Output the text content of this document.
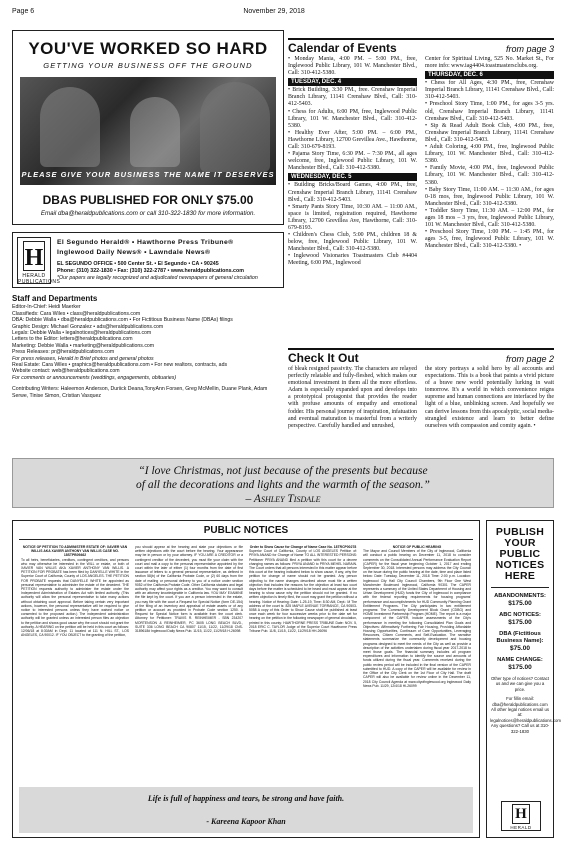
Page 6	November 29, 2018
YOU'VE WORKED SO HARD
GETTING YOUR BUSINESS OFF THE GROUND
PLEASE GIVE YOUR BUSINESS THE NAME IT DESERVES
DBAS PUBLISHED FOR ONLY $75.00
Email dba@heraldpublications.com or call 310-322-1830 for more information.
H
HERALD PUBLICATIONS
El Segundo Herald® • Hawthorne Press Tribune®
Inglewood Daily News® • Lawndale News®
EL SEGUNDO OFFICE • 500 Center St. • El Segundo • CA • 90245
Phone: (310) 322-1830 • Fax: (310) 322-2787 • www.heraldpublications.com
*Our papers are legally recognized and adjudicated newspapers of general circulation
Staff and Departments
Editor-In-Chief: Heidi Maerker
Classifieds: Cara Wiles • class@heraldpublications.com
DBA: Debbie Walla • dba@heraldpublications.com • For Fictitious Business Name (DBAs) filings
Graphic Design: Michael Gonzalez • ads@heraldpublications.com
Legals: Debbie Walla • legalnotices@heraldpublications.com
Letters to the Editor: letters@heraldpublications.com
Marketing: Debbie Walla • marketing@heraldpublications.com
Press Releases: pr@heraldpublications.com
For press releases, Herald in Brief photos and general photos
Real Estate: Cara Wiles • graphics@heraldpublications.com • For new realtors, contracts, ads
Website contact: web@heraldpublications.com
For comments or announcements (weddings, engagements, obituaries)
Contributing Writers: Haleemon Anderson, Duriick Deana,TonyAnn Forsen, Greg McMellin, Duane Plank, Adam Serwe, Tinise Simon, Cristian Vasquez
Calendar of Events	from page 3
• Monday Mania, 4:00 PM. – 5:00 PM., free, Inglewood Public Library, 101 W. Manchester Blvd., Call: 310-412-5380.
TUESDAY, DEC. 4
• Brick Building, 3:30 PM., free. Crenshaw Imperial Branch Library, 11141 Crenshaw Blvd., Call: 310-412-5403.
• Chess for Adults, 6:00 PM, free, Inglewood Public Library, 101 W. Manchester Blvd., Call: 310-412-5380.
• Healthy Ever After, 5:00 PM. – 6:00 PM., Hawthorne Library, 12700 Grevillea Ave., Hawthorne, Call: 310-679-8193.
• Pajama Story Time, 6:30 PM. – 7:30 PM., all ages welcome, free, Inglewood Public Library, 101 W. Manchester Blvd., Call: 310-412-5380.
WEDNESDAY, DEC. 5
• Building Bricks/Board Games, 4:00 PM., free, Crenshaw Imperial Branch Library, 11141 Crenshaw Blvd., Call: 310-412-5403.
• Smarty Pants Story Time, 10:30 AM. – 11:00 AM., space is limited, registration required, Hawthorne Library, 12700 Grevillea Ave, Hawthorne, Call: 310-679-8193.
• Children's Chess Club, 5:00 PM., children 18 & below, free, Inglewood Public Library, 101 W. Manchester Blvd., Call: 310-412-5380.
• Inglewood Visionaries Toastmasters Club #4404 Meeting, 6:00 PM., Inglewood
Center for Spiritual Living, 525 No. Market St., For more info: www.iag4404.toastmastersclubs.org.
THURSDAY, DEC. 6
• Chess for All Ages, 4:30 PM., free, Crenshaw Imperial Branch Library, 11141 Crenshaw Blvd., Call: 310-412-5403.
• Preschool Story Time, 1:00 PM., for ages 3-5 yrs. old, Crenshaw Imperial Branch Library, 11141 Crenshaw Blvd., Call: 310-412-5403.
• Sip & Read Adult Book Club, 4:00 PM., free, Crenshaw Imperial Branch Library, 11141 Crenshaw Blvd., Call: 310-412-5403.
• Adult Coloring, 4:00 PM., free, Inglewood Public Library, 101 W. Manchester Blvd., Call: 310-412-5380.
• Family Movie, 4:00 PM., free, Inglewood Public Library, 101 W. Manchester Blvd., Call: 310-412-5380.
• Baby Story Time, 11:00 AM. – 11:30 AM., for ages 0-18 mos, free, Inglewood Public Library, 101 W. Manchester Blvd., Call: 310-412-5380.
• Toddler Story Time, 11:30 AM. – 12:00 PM., for ages 18 mos – 3 yrs, free, Inglewood Public Library, 101 W. Manchester Blvd., Call: 310-412-5380.
• Preschool Story Time, 1:00 PM. – 1:45 PM., for ages 3-5, free, Inglewood Public Library, 101 W. Manchester Blvd., Call: 310-412-5380. •
Check It Out	from page 2
of bleak resigned passivity. The characters are relayed perfectly relatable and fully-fleshed, which makes our emotional investment in them all the more effortless. Adam is especially expanded upon and develops into a prototypical protagonist that provides the reader with profuse amounts of empathy and emotional fodder. His personal journey of inspiration, infatuation and eventual maturation is masterful from a writerly perspective. Carefully handled and unrushed,
the story portrays a solid hero by all accounts and expectations. This is a book that paints a vivid picture of a brave new world potentially lurking in wait tomorrow. It's a world in which convenience reigns supreme and human connections are interfaced by the light of a blue, unblinking screen. And hopefully we can derive lessons from this apocalyptic, social media-strangled existence and learn to better define ourselves with compassion and comity again. •
“I love Christmas, not just because of the presents but because
of all the decorations and lights and the warmth of the season.”
– Ashley Tisdale
PUBLIC NOTICES
NOTICE OF PETITION TO ADMINISTER ESTATE OF: XAVIER VAN WILLIS AKA XAVIER ANTHONY VAN WILLIS CASE NO. 18STPB09462
To all heirs, beneficiaries, creditors, contingent creditors, and persons who may otherwise be interested in the WILL or estate, or both of XAVIER VAN WILLIS AKA XAVIER ANTHONY VAN WILLIS. A PETITION FOR PROBATE has been filed by DANYELLE WHITE in the Superior Court of California, County of LOS ANGELES. THE PETITION FOR PROBATE requests that DANYELLE WHITE be appointed as personal representative to administer the estate of the decedent. THE PETITION requests authority to administer the estate under the Independent Administration of Estates Act with limited authority. (This authority will allow the personal representative to take many actions without obtaining court approval. Before taking certain very important actions, however, the personal representative will be required to give notice to interested persons unless they have waived notice or consented to the proposed action.) The independent administration authority will be granted unless an interested person files an objection to the petition and shows good cause why the court should not grant the authority. A HEARING on the petition will be held in this court as follows: 12/06/18 at 8:30AM in Dept. 11 located at 111 N. HILL ST., LOS ANGELES, CA 90012. IF YOU OBJECT to the granting of the petition,
you should appear at the hearing and state your objections or file written objections with the court before the hearing. Your appearance may be in person or by your attorney. IF YOU ARE A CREDITOR or a contingent creditor of the decedent, you must file your claim with the court and mail a copy to the personal representative appointed by the court within the later of either (1) four months from the date of first issuance of letters to a general personal representative, as defined in section 58(b) of the California Probate Code, or (2) 60 days from the date of mailing or personal delivery to you of a notice under section 9052 of the California Probate Code. Other California statutes and legal authority may affect your rights as a creditor. You may want to consult with an attorney knowledgeable in California law. YOU MAY EXAMINE the file kept by the court. If you are a person interested in the estate, you may file with the court a Request for Special Notice (form DE-154) of the filing of an inventory and appraisal of estate assets or of any petition or account as provided in Probate Code section 1250. A Request for Special Notice form is available from the court clerk. Attorney for Petitioner: TRAVIS R. REINHEIMER - SBN 234207 MORTENSON & REINHEIMER, PC 3605 LONG BEACH BLVD., SUITE 336 LONG BEACH CA 90807 11/15, 11/22, 11/29/18 CNS-3189618# Inglewood Daily News Pub. 11/15, 11/22, 11/29/18 H-26098
Order to Show Cause for Change of Name Case No. 18TRCP00278
Superior Court of California, County of LOS ANGELES Petition of: PRIYA ANAND for Change of Name TO ALL INTERESTED PERSONS: Petitioner PRIYA ANAND filed a petition with this court for a decree changing names as follows: PRIYA ANAND to PRIYA MEHEL NARAIN. The Court orders that all persons interested in this matter appear before this court at the hearing indicated below to show cause, if any, why the petition for change of name should not be granted. Any person objecting to the name changes described above must file a written objection that includes the reasons for the objection at least two court days before the matter is scheduled to be heard and must appear at the hearing to show cause why the petition should not be granted. If no written objection is timely filed, the court may grant the petition without a hearing. Notice of Hearing: Date: 1-25-19, Time: 8:30 AM, Dept.: M The address of the court is: 825 MAPLE AVENUE TORRANCE, CA 90503-5058 A copy of this Order to Show Cause shall be published at least once each week for four successive weeks prior to the date set for hearing on the petition in the following newspaper of general circulation, printed in this county: HAWTHORNE PRESS TRIBUNE Date: NOV. 5, 2018 ERIC C. TAYLOR Judge of the Superior Court Hawthorne Press Tribune Pub. 11/8, 11/15, 11/22, 11/29/18 HH-26096
NOTICE OF PUBLIC HEARING
The Mayor and Council Members of the City of Inglewood, California will conduct a public hearing on December 11, 2018 to consider comments on the Consolidated Annual Performance Evaluation Report (CAPER) for the fiscal year beginning October 1, 2017 and ending September 30, 2018. Interested persons may address the City Council on the issue during the public hearing at the date, time and place listed below: Date: Tuesday, December 11, 2018 Time: 2:00 p.m. Location: Inglewood City Hall City Council Chambers, 9th Floor One West Manchester Boulevard Inglewood, California 90301 The CAPER represents a summary of the United States Department of Housing and Urban Development (HUD) funds the City of Inglewood in compliance with the federal reporting requirements for housing programs' performance and accomplishments for HUD Community Planning Grant Entitlement Programs. The City participates in two entitlement programs: The Community Development Block Grant (CDBG) and HOME Investment Partnership Program (HOME). The report is a major component of the CAPER, include assessments of the City's performance in meeting the following Consolidated Plan Goals and Objectives: Affirmatively Furthering Fair Housing, Providing Affordable Housing Opportunities, Continuum of Care Opportunities, Leveraging Resources, Citizen Comments, and Self-Evaluation. The narrative statements summarize the community development and housing programs designed to meet the needs of the City as well as provide a description of the activities undertaken during fiscal year 2017-2018 to meet those goals. The financial summary includes all program expenditures and information to identify the source and amounts of funds utilized during the fiscal year. Comments received during the public review period will be included in the final version of the CAPER submitted to HUD. A copy of the CAPER will be available for review in the Office of the City Clerk on the 1st Floor of City Hall. The draft CAPER will also be available for review online in the December 11, 2018 City Council Agenda at www.cityofinglewood.org Inglewood Daily News Pub. 11/29, 12/4/18 HI-26099
Life is full of happiness and tears, be strong and have faith.
- Kareena Kapoor Khan
PUBLISH YOUR PUBLIC NOTICES HERE
ABANDONMENTS:
$175.00
ABC NOTICES:
$175.00
DBA (Fictitious Business Name):
$75.00
NAME CHANGE:
$175.00
Other type of notices? Contact us and we can give you a price.
For fillin email: dba@heraldpublications.com All other legal notices email us at: legalnotices@heraldpublications.com Any questions? Call us at 310-322-1830
H
HERALD
